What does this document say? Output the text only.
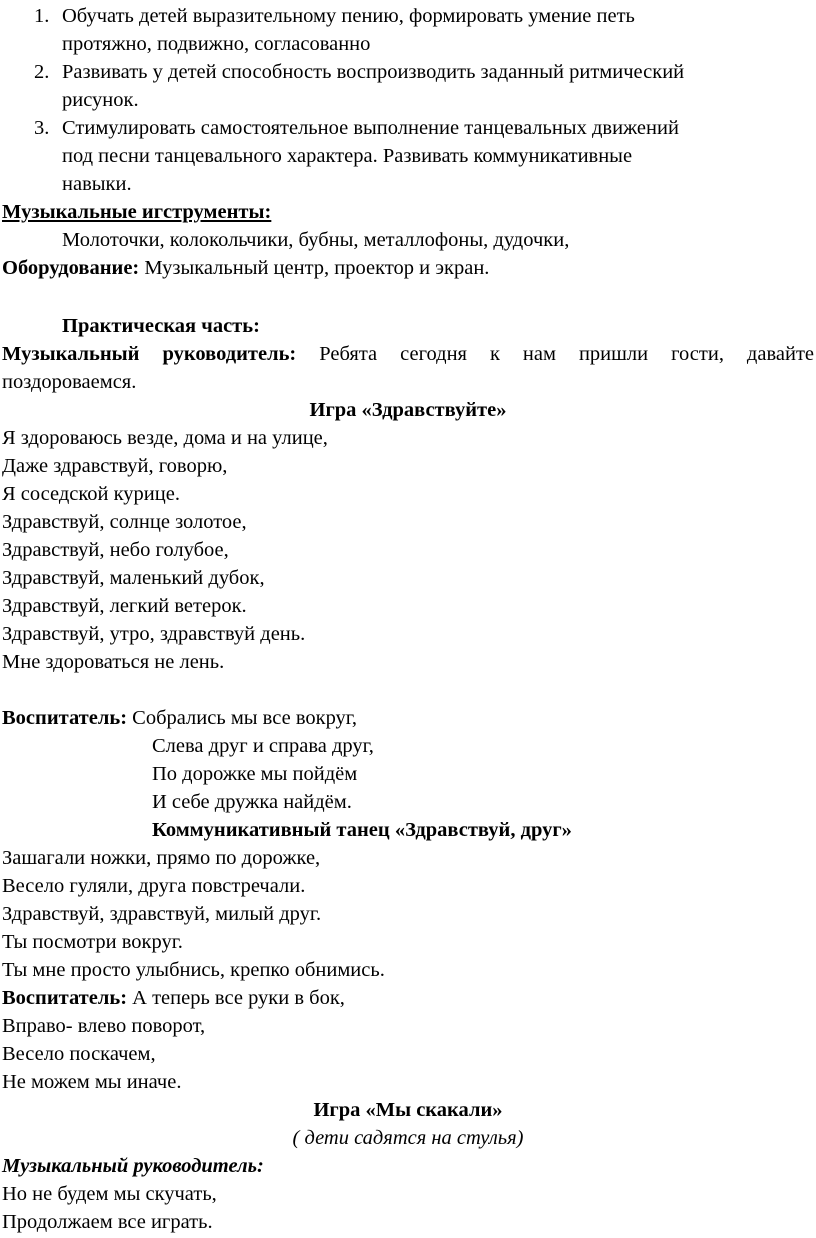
1. Обучать детей выразительному пению, формировать умение петь
протяжно, подвижно, согласованно
2. Развивать у детей способность воспроизводить заданный ритмический
рисунок.
3. Стимулировать самостоятельное выполнение танцевальных движений
под песни танцевального характера. Развивать коммуникативные
навыки.
Музыкальные игструменты:
Молоточки, колокольчики, бубны, металлофоны, дудочки,
Оборудование: Музыкальный центр, проектор и экран.
Практическая часть:
Музыкальный руководитель: Ребята сегодня к нам пришли гости, давайте
поздороваемся.
Игра «Здравствуйте»
Я здороваюсь везде, дома и на улице,
Даже здравствуй, говорю,
Я соседской курице.
Здравствуй, солнце золотое,
Здравствуй, небо голубое,
Здравствуй, маленький дубок,
Здравствуй, легкий ветерок.
Здравствуй, утро, здравствуй день.
Мне здороваться не лень.
Воспитатель: Собрались мы все вокруг,
Слева друг и справа друг,
По дорожке мы пойдём
И себе дружка найдём.
Коммуникативный танец «Здравствуй, друг»
Зашагали ножки, прямо по дорожке,
Весело гуляли, друга повстречали.
Здравствуй, здравствуй, милый друг.
Ты посмотри вокруг.
Ты мне просто улыбнись, крепко обнимись.
Воспитатель: А теперь все руки в бок,
Вправо- влево поворот,
Весело поскачем,
Не можем мы иначе.
Игра «Мы скакали»
( дети садятся на стулья)
Музыкальный руководитель:
Но не будем мы скучать,
Продолжаем все играть.
